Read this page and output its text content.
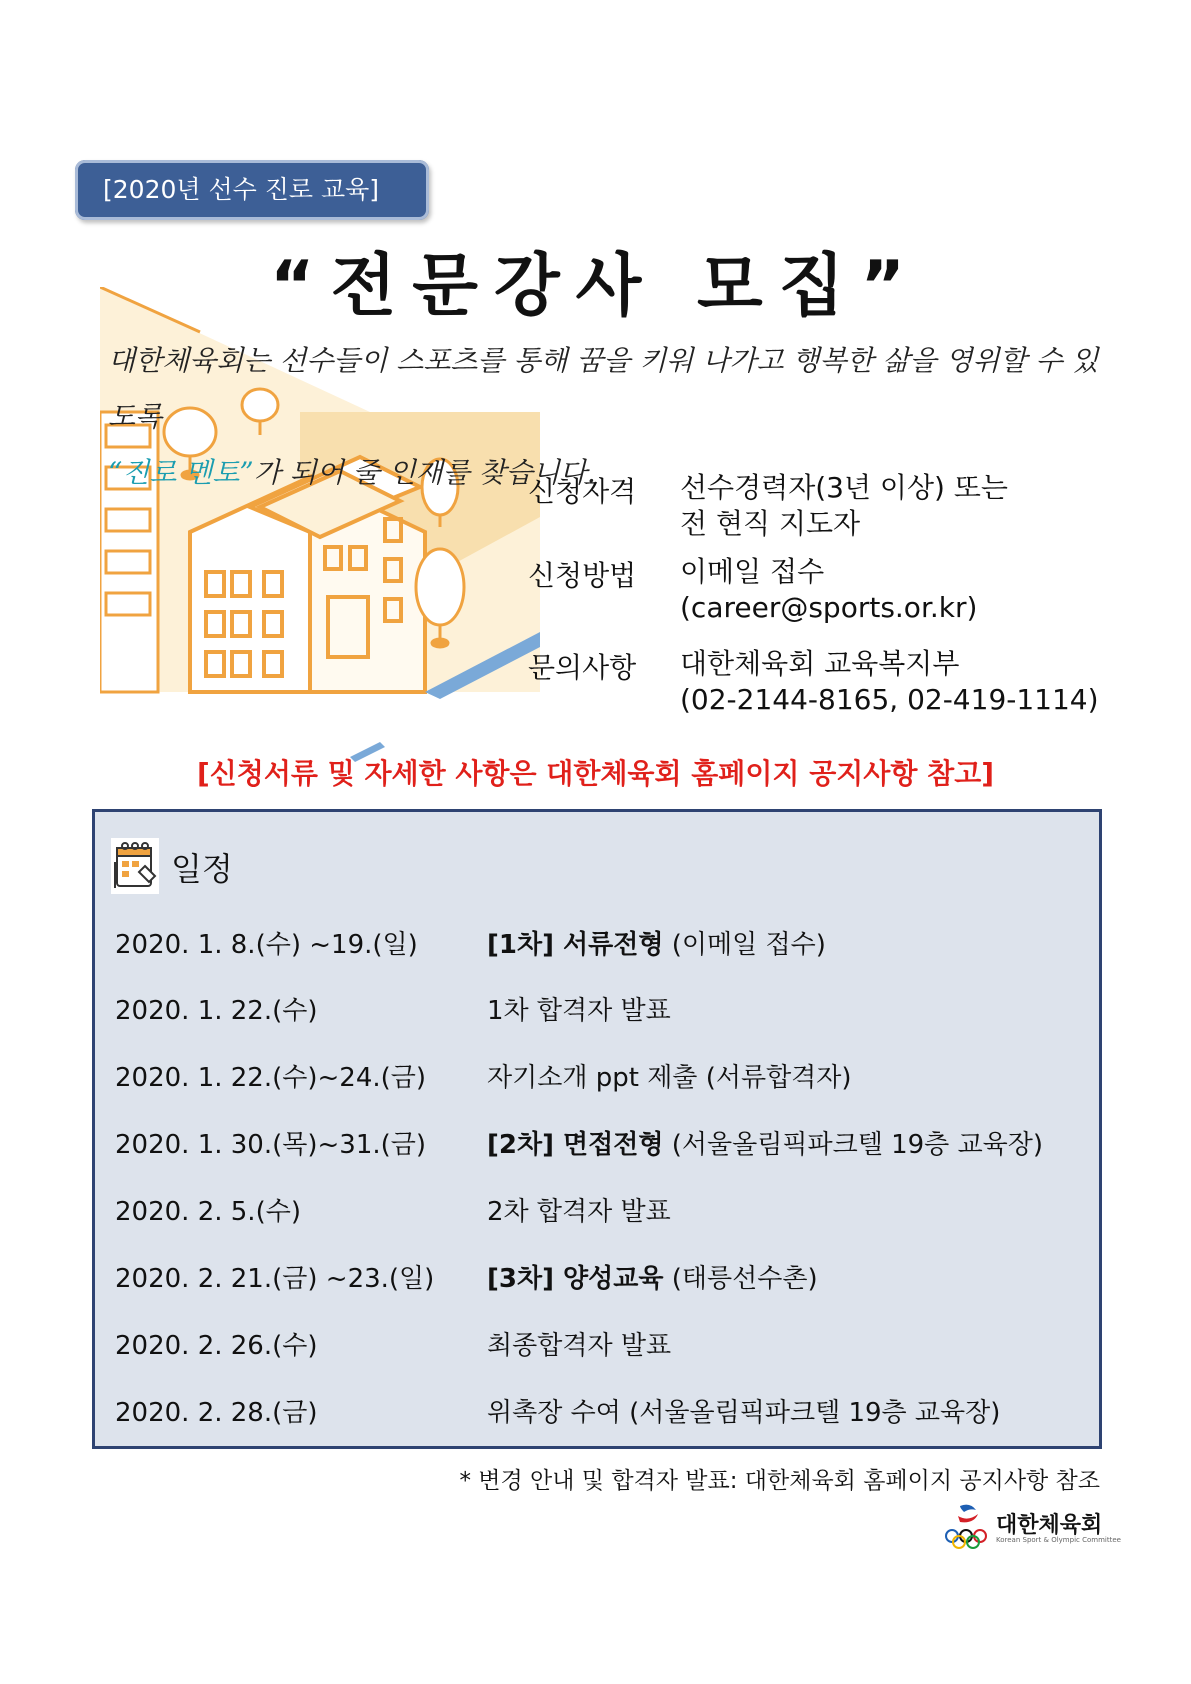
[2020년 선수 진로 교육]
“전문강사 모집”
대한체육회는 선수들이 스포츠를 통해 꿈을 키워 나가고 행복한 삶을 영위할 수 있도록
“진로 멘토”가 되어 줄 인재를 찾습니다.
신청자격	선수경력자(3년 이상) 또는
전 현직 지도자
신청방법	이메일 접수
(career@sports.or.kr)
문의사항	대한체육회 교육복지부
(02-2144-8165, 02-419-1114)
[신청서류 및 자세한 사항은 대한체육회 홈페이지 공지사항 참고]
일정
2020. 1. 8.(수) ~19.(일)	[1차] 서류전형 (이메일 접수)
2020. 1. 22.(수)	1차 합격자 발표
2020. 1. 22.(수)~24.(금)	자기소개 ppt 제출 (서류합격자)
2020. 1. 30.(목)~31.(금)	[2차] 면접전형 (서울올림픽파크텔 19층 교육장)
2020. 2. 5.(수)	2차 합격자 발표
2020. 2. 21.(금) ~23.(일)	[3차] 양성교육 (태릉선수촌)
2020. 2. 26.(수)	최종합격자 발표
2020. 2. 28.(금)	위촉장 수여 (서울올림픽파크텔 19층 교육장)
* 변경 안내 및 합격자 발표: 대한체육회 홈페이지 공지사항 참조
대한체육회
Korean Sport & Olympic Committee
